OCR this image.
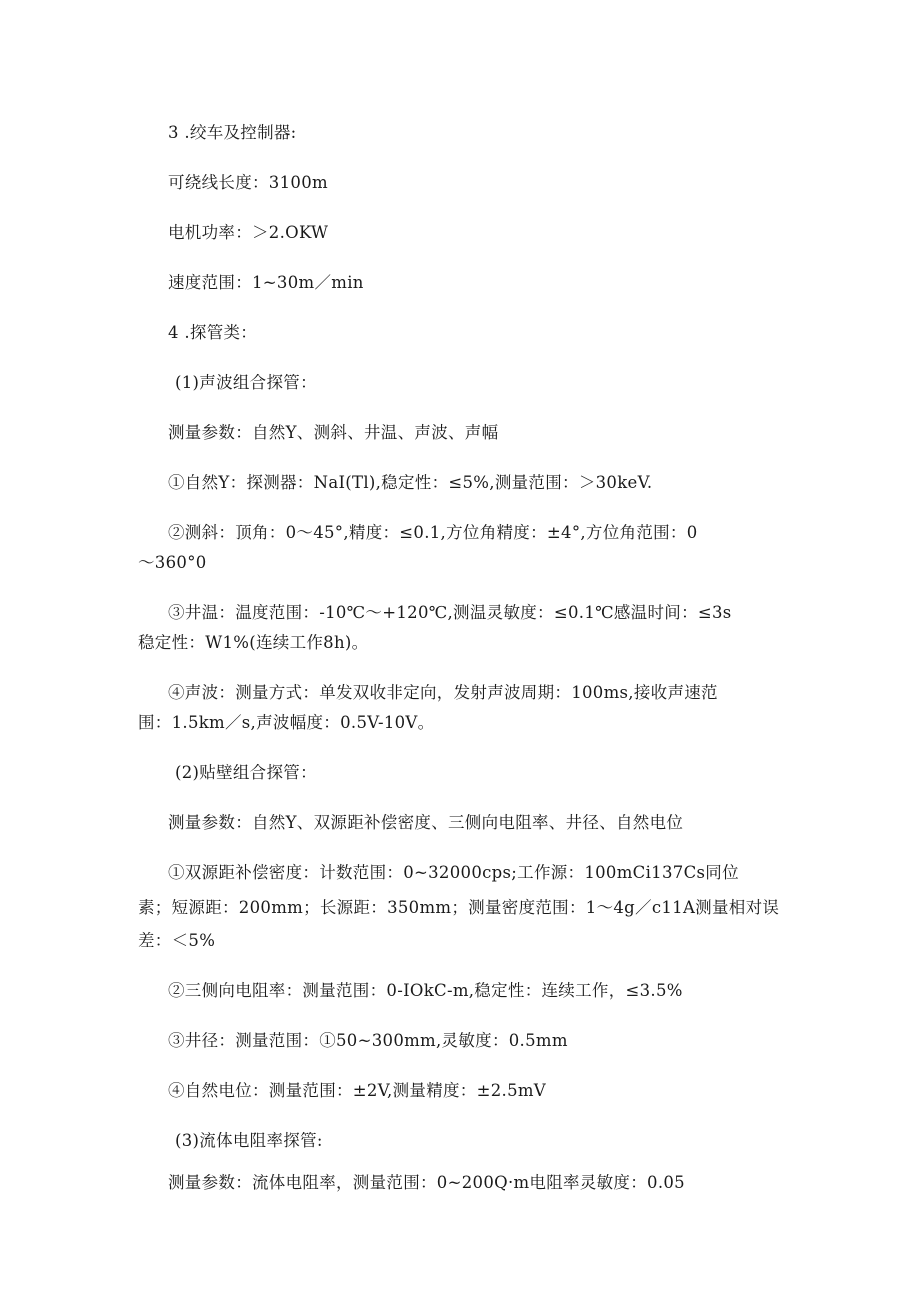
3 .绞车及控制器:

可绕线长度：3100m

电机功率：＞2.OKW

速度范围：1~30m／min

4 .探管类：

(1)声波组合探管：

测量参数：自然Y、测斜、井温、声波、声幅

①自然Y：探测器：NaI(Tl),稳定性：≤5%,测量范围：＞30keV.

②测斜：顶角：0～45°,精度：≤0.1,方位角精度：±4°,方位角范围：0

～360°0

③井温：温度范围：-10℃～+120℃,测温灵敏度：≤0.1℃感温时间：≤3s

稳定性：W1%(连续工作8h)。

④声波：测量方式：单发双收非定向，发射声波周期：100ms,接收声速范

围：1.5km／s,声波幅度：0.5V-10V。

(2)贴壁组合探管：

测量参数：自然Y、双源距补偿密度、三侧向电阻率、井径、自然电位

①双源距补偿密度：计数范围：0~32000cps;工作源：100mCi137Cs同位

素；短源距：200mm；长源距：350mm；测量密度范围：1～4g／c11A测量相对误

差：＜5%

②三侧向电阻率：测量范围：0-IOkC-m,稳定性：连续工作，≤3.5%

③井径：测量范围：①50~300mm,灵敏度：0.5mm

④自然电位：测量范围：±2V,测量精度：±2.5mV

(3)流体电阻率探管:

测量参数：流体电阻率，测量范围：0~200Q·m电阻率灵敏度：0.05
